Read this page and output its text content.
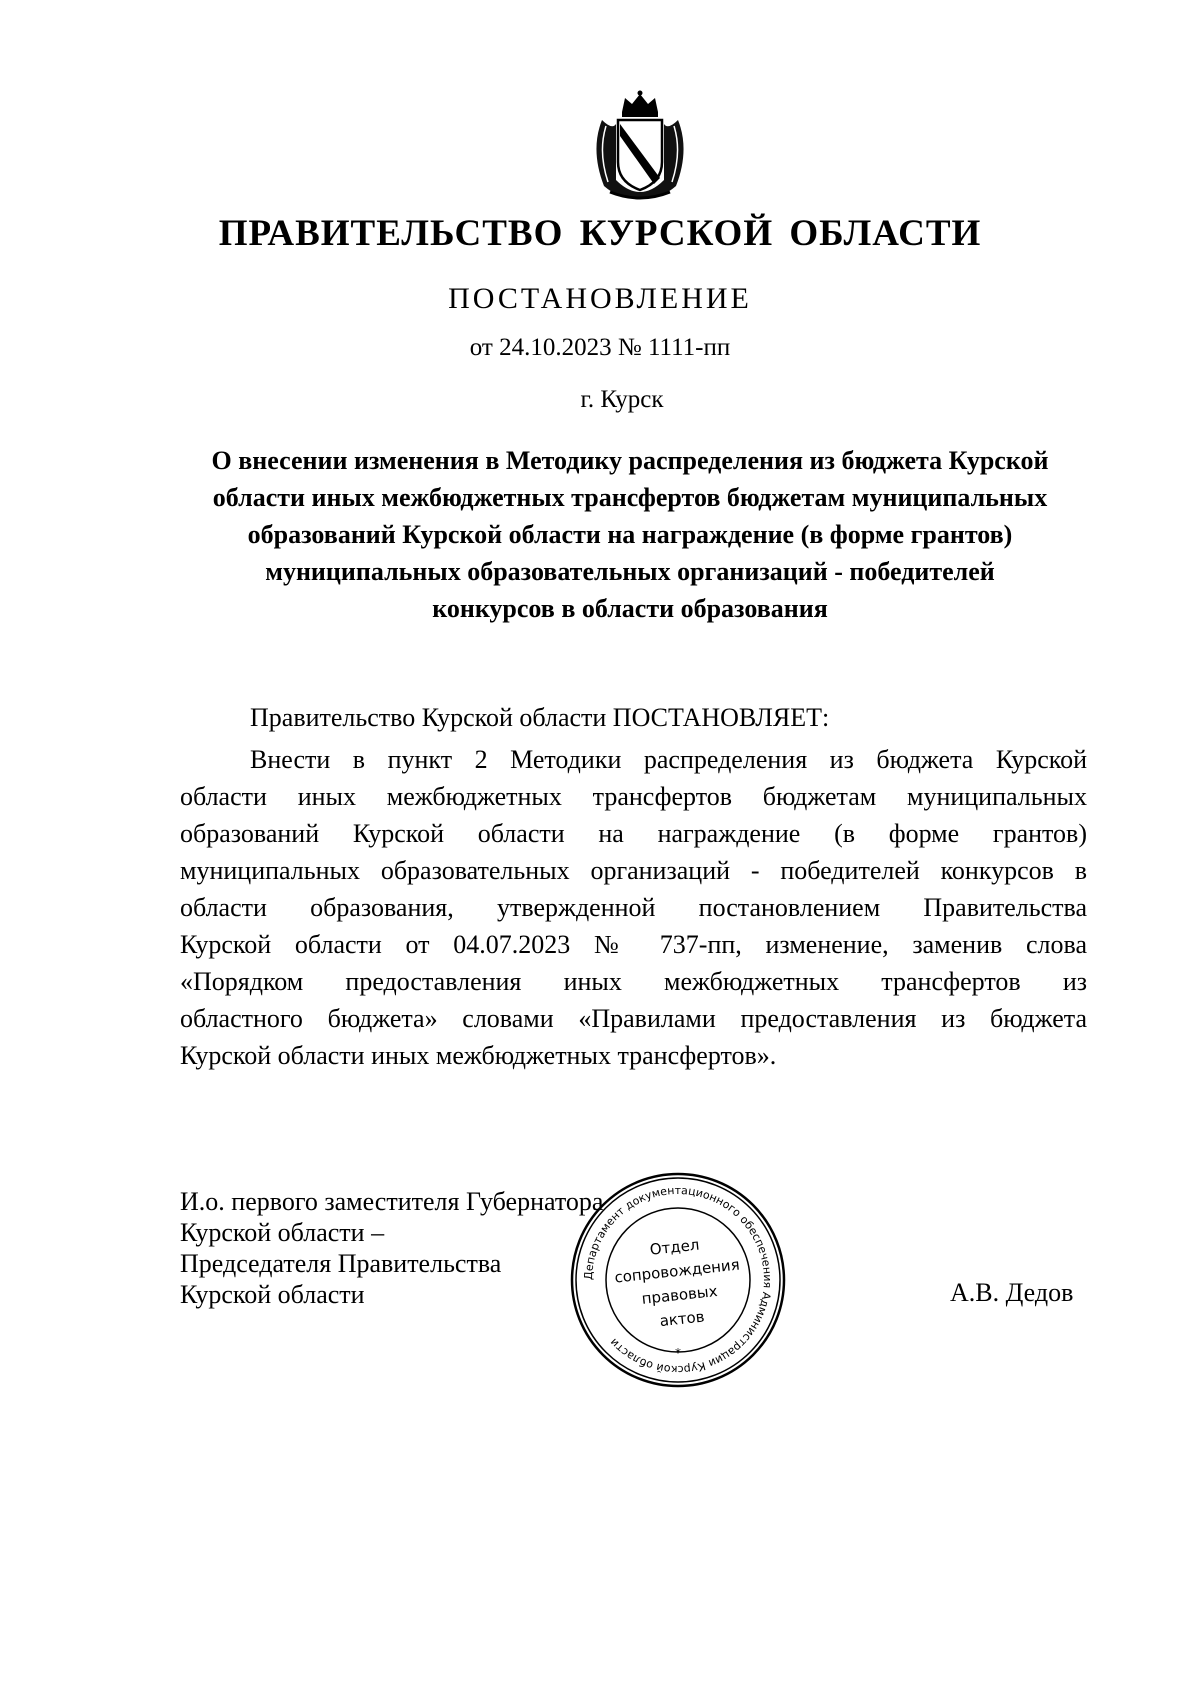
ПРАВИТЕЛЬСТВО КУРСКОЙ ОБЛАСТИ
ПОСТАНОВЛЕНИЕ
от 24.10.2023 № 1111-пп
г. Курск

О внесении изменения в Методику распределения из бюджета Курской
области иных межбюджетных трансфертов бюджетам муниципальных
образований Курской области на награждение (в форме грантов)
муниципальных образовательных организаций - победителей
конкурсов в области образования

Правительство Курской области ПОСТАНОВЛЯЕТ:

Внести в пункт 2 Методики распределения из бюджета Курской
области иных межбюджетных трансфертов бюджетам муниципальных
образований Курской области на награждение (в форме грантов)
муниципальных образовательных организаций - победителей конкурсов в
области образования, утвержденной постановлением Правительства
Курской области от 04.07.2023 № 737-пп, изменение, заменив слова
«Порядком предоставления иных межбюджетных трансфертов из
областного бюджета» словами «Правилами предоставления из бюджета
Курской области иных межбюджетных трансфертов».

И.о. первого заместителя Губернатора
Курской области –
Председателя Правительства
Курской области	А.В. Дедов
Департамент документационного обеспечения Администрации Курской области
*
Отдел
сопровождения
правовых
актов
